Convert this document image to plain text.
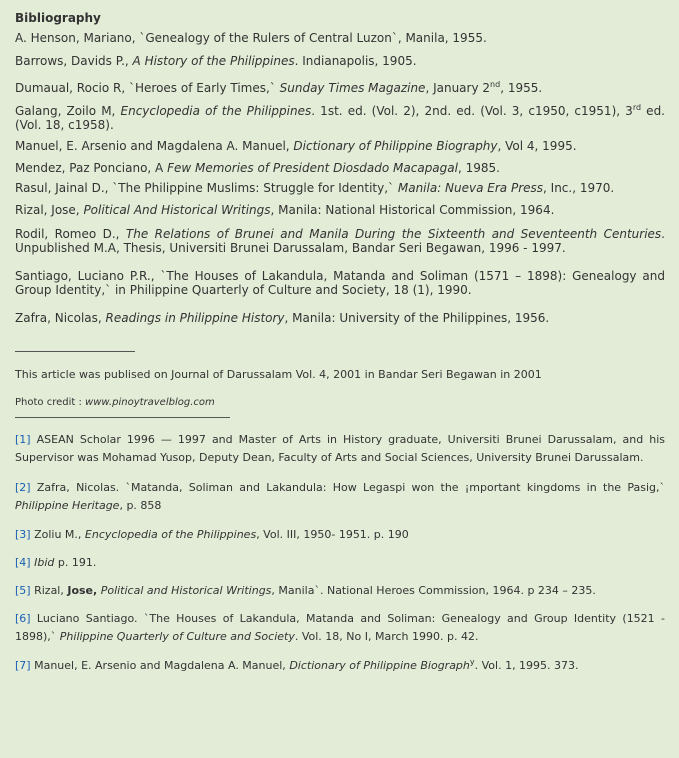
Bibliography

A. Henson, Mariano, `Genealogy of the Rulers of Central Luzon`, Manila, 1955.

Barrows, Davids P., A History of the Philippines. Indianapolis, 1905.

Dumaual, Rocio R, `Heroes of Early Times,` Sunday Times Magazine, January 2nd, 1955.

Galang, Zoilo M, Encyclopedia of the Philippines. 1st. ed. (Vol. 2), 2nd. ed. (Vol. 3, c1950, c1951), 3rd ed. (Vol. 18, c1958).

Manuel, E. Arsenio and Magdalena A. Manuel, Dictionary of Philippine Biography, Vol 4, 1995.

Mendez, Paz Ponciano, A Few Memories of President Diosdado Macapagal, 1985.

Rasul, Jainal D., `The Philippine Muslims: Struggle for Identity,` Manila: Nueva Era Press, Inc., 1970.

Rizal, Jose, Political And Historical Writings, Manila: National Historical Commission, 1964.

Rodil, Romeo D., The Relations of Brunei and Manila During the Sixteenth and Seventeenth Centuries. Unpublished M.A, Thesis, Universiti Brunei Darussalam, Bandar Seri Begawan, 1996 - 1997.

Santiago, Luciano P.R., `The Houses of Lakandula, Matanda and Soliman (1571 – 1898): Genealogy and Group Identity,` in Philippine Quarterly of Culture and Society, 18 (1), 1990.

Zafra, Nicolas, Readings in Philippine History, Manila: University of the Philippines, 1956.

This article was publised on Journal of Darussalam Vol. 4, 2001 in Bandar Seri Begawan in 2001

Photo credit : www.pinoytravelblog.com

[1] ASEAN Scholar 1996 — 1997 and Master of Arts in History graduate, Universiti Brunei Darussalam, and his Supervisor was Mohamad Yusop, Deputy Dean, Faculty of Arts and Social Sciences, University Brunei Darussalam.

[2] Zafra, Nicolas. `Matanda, Soliman and Lakandula: How Legaspi won the ¡mportant kingdoms in the Pasig,` Philippine Heritage, p. 858

[3] Zoliu M., Encyclopedia of the Philippines, Vol. III, 1950- 1951. p. 190

[4] Ibid p. 191.

[5] Rizal, Jose, Political and Historical Writings, Manila`. National Heroes Commission, 1964. p 234 – 235.

[6] Luciano Santiago. `The Houses of Lakandula, Matanda and Soliman: Genealogy and Group Identity (1521 - 1898),` Philippine Quarterly of Culture and Society. Vol. 18, No I, March 1990. p. 42.

[7] Manuel, E. Arsenio and Magdalena A. Manuel, Dictionary of Philippine Biograph$^y$. Vol. 1, 1995. 373.
